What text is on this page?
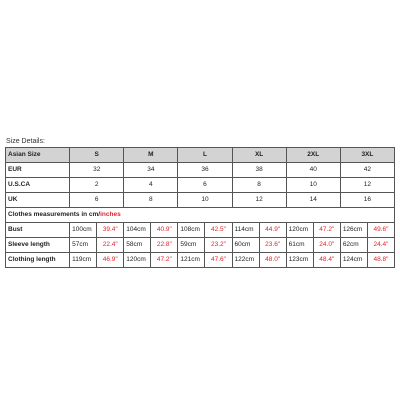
Size Details:
Asian Size	S		M		L		XL		2XL		3XL	
EUR	32		34		36		38		40		42	
U.S.CA	2		4		6		8		10		12	
UK	6		8		10		12		14		16	
Clothes measurements in cm/inches												
Bust	100cm	39.4"	104cm	40.9"	108cm	42.5"	114cm	44.9"	120cm	47.2"	126cm	49.6"
Sleeve length	57cm	22.4"	58cm	22.8"	59cm	23.2"	60cm	23.6"	61cm	24.0"	62cm	24.4"
Clothing length	119cm	46.9"	120cm	47.2"	121cm	47.6"	122cm	48.0"	123cm	48.4"	124cm	48.8"
